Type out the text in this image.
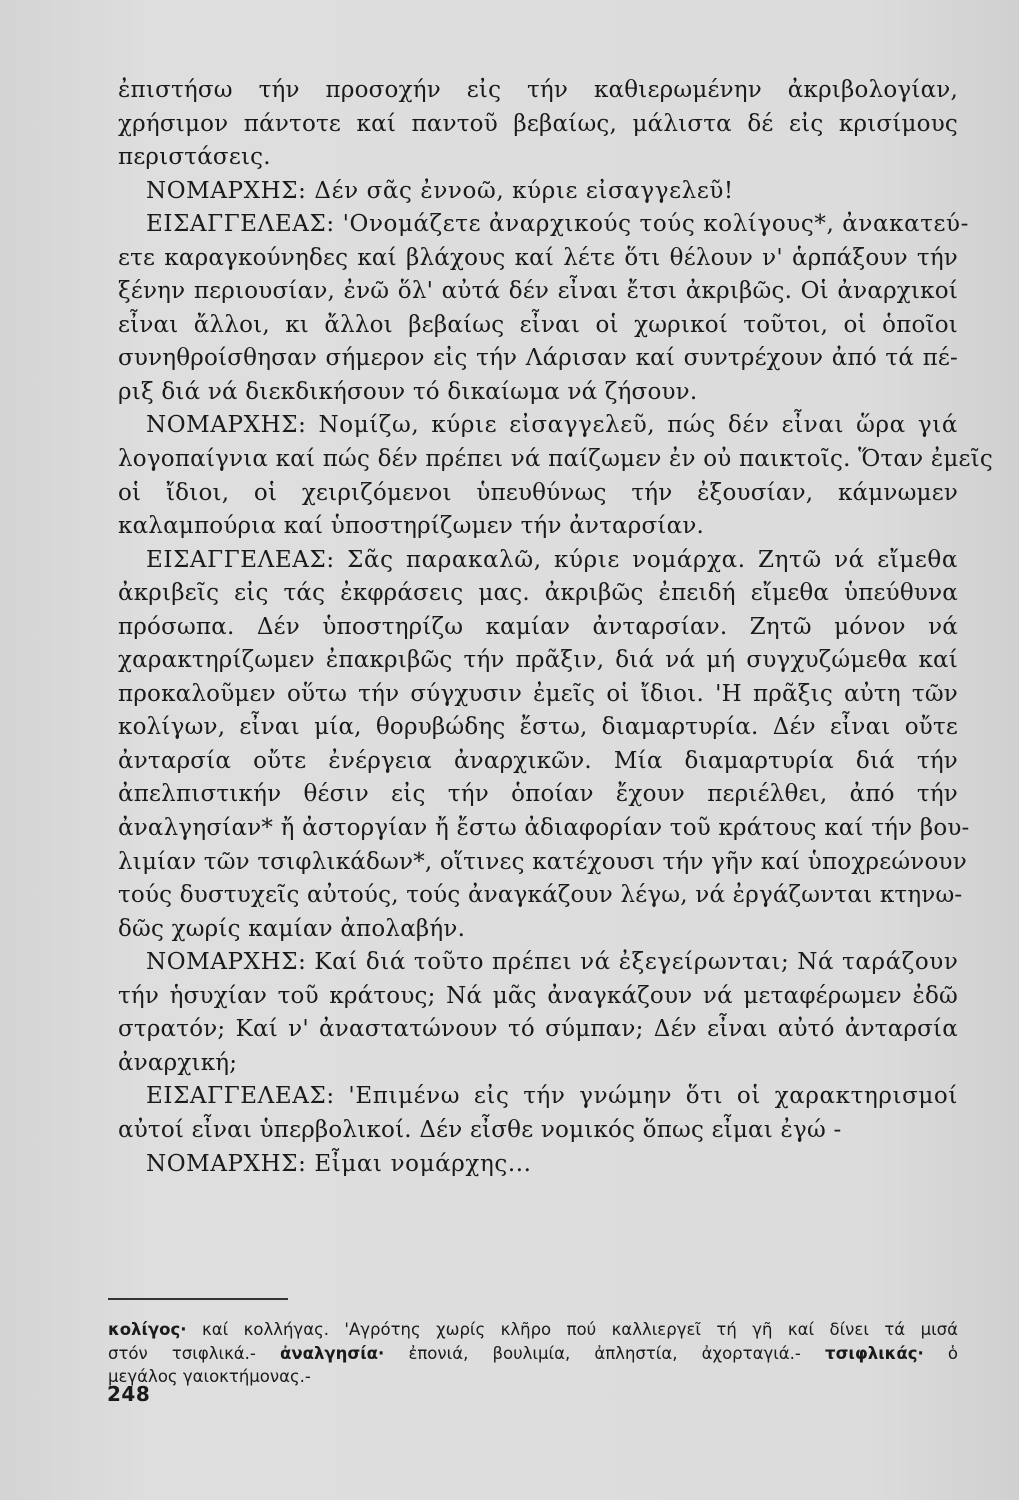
ἐπιστήσω τήν προσοχήν εἰς τήν καθιερωμένην ἀκριβολογίαν,
χρήσιμον πάντοτε καί παντοῦ βεβαίως, μάλιστα δέ εἰς κρισίμους
περιστάσεις.
ΝΟΜΑΡΧΗΣ: Δέν σᾶς ἐννοῶ, κύριε εἰσαγγελεῦ!
ΕΙΣΑΓΓΕΛΕΑΣ: 'Ονομάζετε ἀναρχικούς τούς κολίγους*, ἀνακατεύ-
ετε καραγκούνηδες καί βλάχους καί λέτε ὅτι θέλουν ν' ἁρπάξουν τήν
ξένην περιουσίαν, ἐνῶ ὅλ' αὐτά δέν εἶναι ἔτσι ἀκριβῶς. Οἱ ἀναρχικοί
εἶναι ἄλλοι, κι ἄλλοι βεβαίως εἶναι οἱ χωρικοί τοῦτοι, οἱ ὁποῖοι
συνηθροίσθησαν σήμερον εἰς τήν Λάρισαν καί συντρέχουν ἀπό τά πέ-
ριξ διά νά διεκδικήσουν τό δικαίωμα νά ζήσουν.
ΝΟΜΑΡΧΗΣ: Νομίζω, κύριε εἰσαγγελεῦ, πώς δέν εἶναι ὥρα γιά
λογοπαίγνια καί πώς δέν πρέπει νά παίζωμεν ἐν οὐ παικτοῖς. Ὅταν ἐμεῖς
οἱ ἴδιοι, οἱ χειριζόμενοι ὑπευθύνως τήν ἐξουσίαν, κάμνωμεν
καλαμπούρια καί ὑποστηρίζωμεν τήν ἀνταρσίαν.
ΕΙΣΑΓΓΕΛΕΑΣ: Σᾶς παρακαλῶ, κύριε νομάρχα. Ζητῶ νά εἴμεθα
ἀκριβεῖς εἰς τάς ἐκφράσεις μας. ἀκριβῶς ἐπειδή εἴμεθα ὑπεύθυνα
πρόσωπα. Δέν ὑποστηρίζω καμίαν ἀνταρσίαν. Ζητῶ μόνον νά
χαρακτηρίζωμεν ἐπακριβῶς τήν πρᾶξιν, διά νά μή συγχυζώμεθα καί
προκαλοῦμεν οὕτω τήν σύγχυσιν ἐμεῖς οἱ ἴδιοι. 'Η πρᾶξις αὐτη τῶν
κολίγων, εἶναι μία, θορυβώδης ἔστω, διαμαρτυρία. Δέν εἶναι οὔτε
ἀνταρσία οὔτε ἐνέργεια ἀναρχικῶν. Μία διαμαρτυρία διά τήν
ἀπελπιστικήν θέσιν εἰς τήν ὁποίαν ἔχουν περιέλθει, ἀπό τήν
ἀναλγησίαν* ἤ ἀστοργίαν ἤ ἔστω ἀδιαφορίαν τοῦ κράτους καί τήν βου-
λιμίαν τῶν τσιφλικάδων*, οἵτινες κατέχουσι τήν γῆν καί ὑποχρεώνουν
τούς δυστυχεῖς αὐτούς, τούς ἀναγκάζουν λέγω, νά ἐργάζωνται κτηνω-
δῶς χωρίς καμίαν ἀπολαβήν.
ΝΟΜΑΡΧΗΣ: Καί διά τοῦτο πρέπει νά ἐξεγείρωνται; Νά ταράζουν
τήν ἡσυχίαν τοῦ κράτους; Νά μᾶς ἀναγκάζουν νά μεταφέρωμεν ἐδῶ
στρατόν; Καί ν' ἀναστατώνουν τό σύμπαν; Δέν εἶναι αὐτό ἀνταρσία
ἀναρχική;
ΕΙΣΑΓΓΕΛΕΑΣ: 'Επιμένω εἰς τήν γνώμην ὅτι οἱ χαρακτηρισμοί
αὐτοί εἶναι ὑπερβολικοί. Δέν εἶσθε νομικός ὅπως εἶμαι ἐγώ -
ΝΟΜΑΡΧΗΣ: Εἶμαι νομάρχης...
κολίγος· καί κολλήγας. 'Αγρότης χωρίς κλῆρο πού καλλιεργεῖ τή γῆ καί δίνει τά μισά
στόν τσιφλικά.- ἀναλγησία· ἐπονιά, βουλιμία, ἀπληστία, ἀχορταγιά.- τσιφλικάς· ὁ
μεγάλος γαιοκτήμονας.-
248
